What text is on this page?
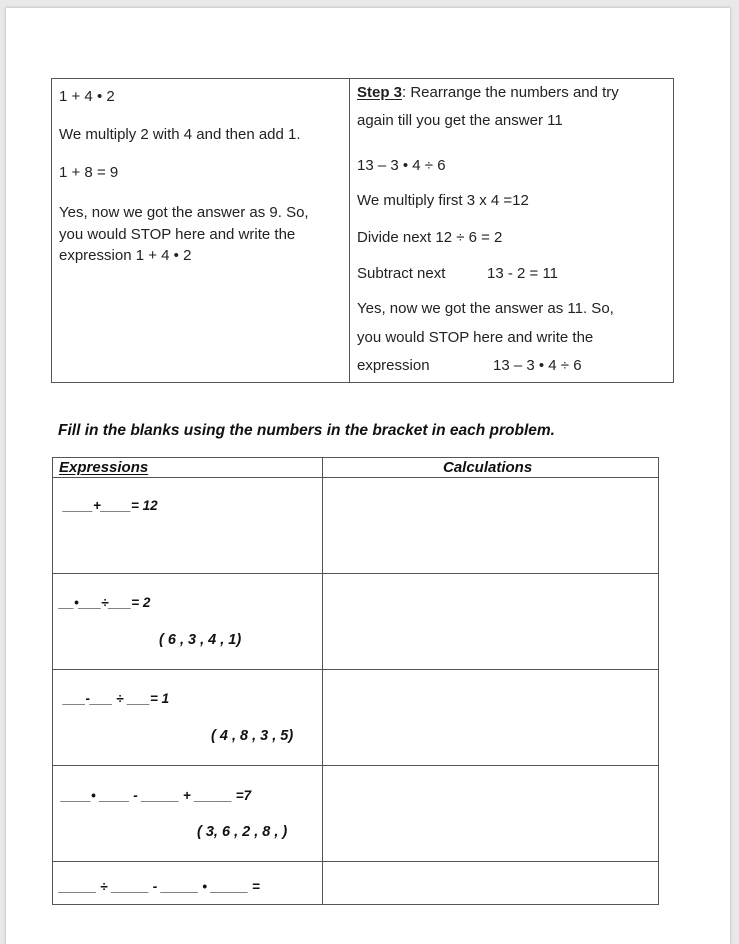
1 + 4 • 2
We multiply 2 with 4 and then add 1.
1 + 8 = 9
Yes, now we got the answer as 9. So,
you would STOP here and write the
expression 1 + 4 • 2
Step 3: Rearrange the numbers and try
again till you get the answer 11
13 – 3 • 4 ÷ 6
We multiply first 3 x 4 =12
Divide next 12 ÷ 6 = 2
Subtract next	13 - 2 = 11
Yes, now we got the answer as 11. So,
you would STOP here and write the
expression	13 – 3 • 4 ÷ 6
Fill in the blanks using the numbers in the bracket in each problem.
Expressions	Calculations
____+____= 12
__•___÷___= 2
( 6 , 3 , 4 , 1)
___-___ ÷ ___= 1
( 4 , 8 , 3 , 5)
____• ____ - _____ + _____ =7
( 3, 6 , 2 , 8 , )
_____ ÷ _____ - _____ • _____ =
